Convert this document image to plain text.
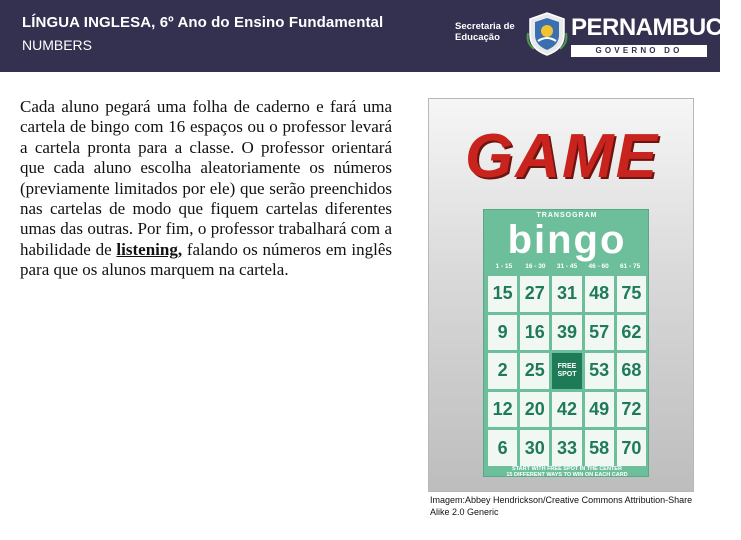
LÍNGUA INGLESA, 6º Ano do Ensino Fundamental
NUMBERS
Secretaria de
Educação	PERNAMBUCO
GOVERNO DO ESTADO
Cada aluno pegará uma folha de caderno e fará uma cartela de bingo com 16 espaços ou o professor levará a cartela pronta para a classe. O professor orientará que cada aluno escolha aleatoriamente os números (previamente limitados por ele) que serão preenchidos nas cartelas de modo que fiquem cartelas diferentes umas das outras. Por fim, o professor trabalhará com a habilidade de listening, falando os números em inglês para que os alunos marquem na cartela.
GAME
TRANSOGRAM
bingo
1 - 15	16 - 30	31 - 45	46 - 60	61 - 75
15 27 31 48 75
9 16 39 57 62
2 25	FREE SPOT 53 68
12 20 42 49 72
6 30 33 58 70
START WITH FREE SPOT IN THE CENTER
15 DIFFERENT WAYS TO WIN ON EACH CARD
Imagem:Abbey Hendrickson/Creative Commons Attribution-Share Alike 2.0 Generic
